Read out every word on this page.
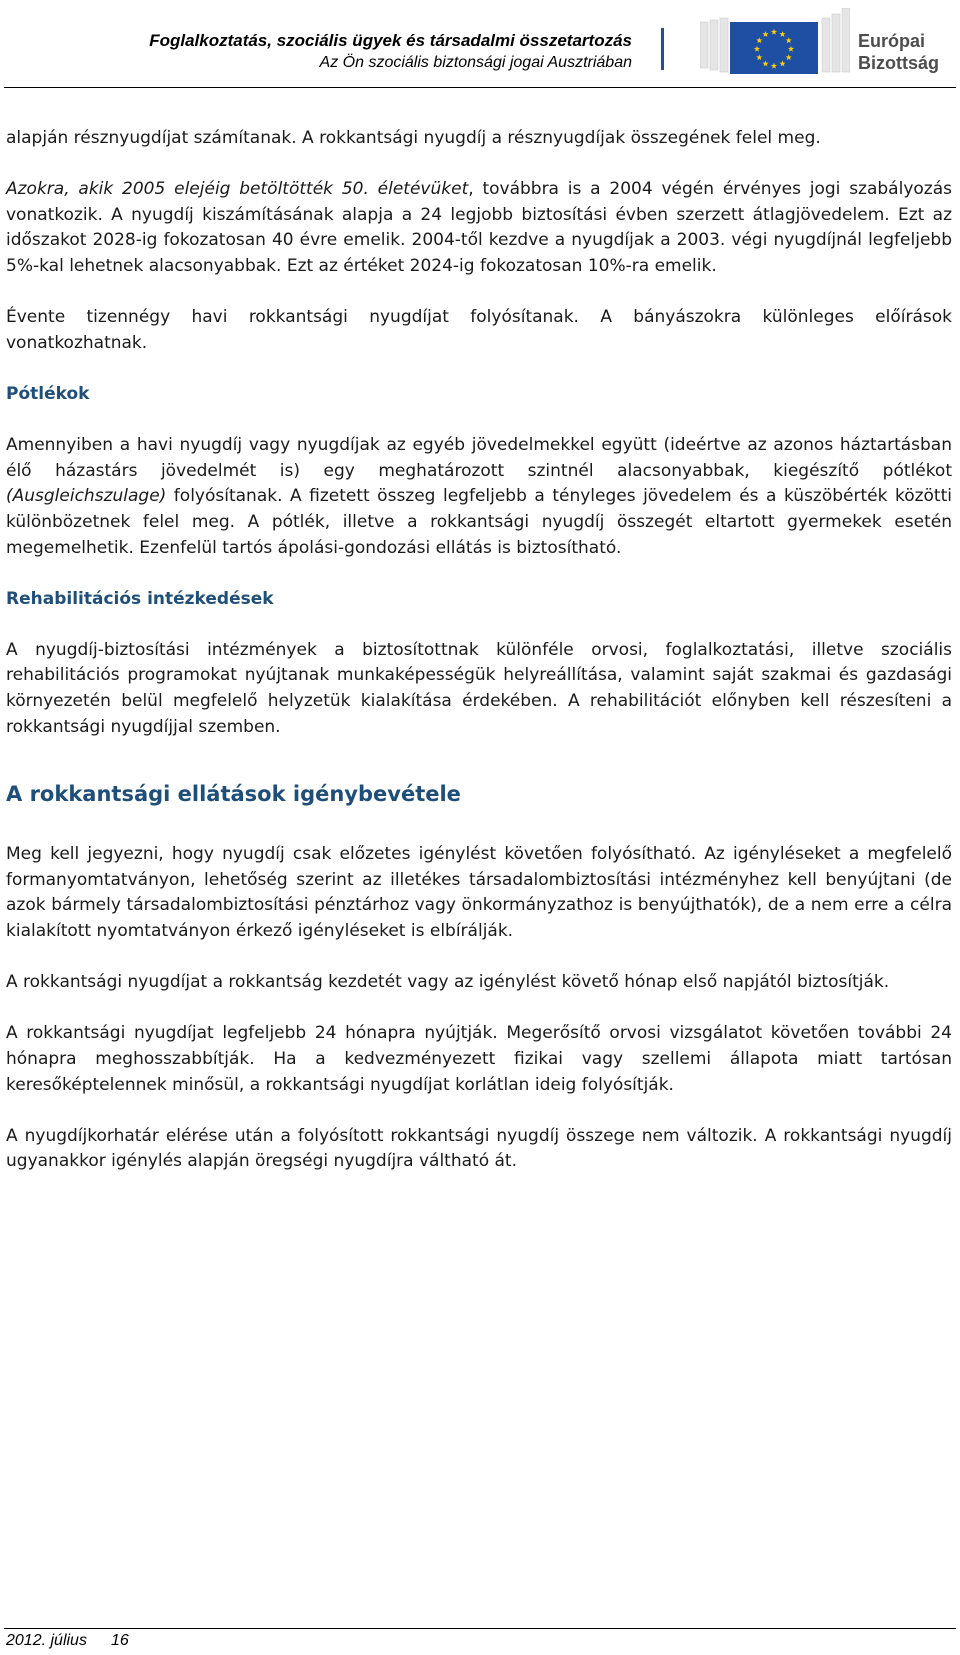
Foglalkoztatás, szociális ügyek és társadalmi összetartozás
Az Ön szociális biztonsági jogai Ausztriában
Európai
Bizottság

alapján résznyugdíjat számítanak. A rokkantsági nyugdíj a résznyugdíjak összegének felel meg.

Azokra, akik 2005 elejéig betöltötték 50. életévüket, továbbra is a 2004 végén érvényes jogi szabályozás vonatkozik. A nyugdíj kiszámításának alapja a 24 legjobb biztosítási évben szerzett átlagjövedelem. Ezt az időszakot 2028-ig fokozatosan 40 évre emelik. 2004-től kezdve a nyugdíjak a 2003. végi nyugdíjnál legfeljebb 5%-kal lehetnek alacsonyabbak. Ezt az értéket 2024-ig fokozatosan 10%-ra emelik.

Évente tizennégy havi rokkantsági nyugdíjat folyósítanak. A bányászokra különleges előírások vonatkozhatnak.

Pótlékok

Amennyiben a havi nyugdíj vagy nyugdíjak az egyéb jövedelmekkel együtt (ideértve az azonos háztartásban élő házastárs jövedelmét is) egy meghatározott szintnél alacsonyabbak, kiegészítő pótlékot (Ausgleichszulage) folyósítanak. A fizetett összeg legfeljebb a tényleges jövedelem és a küszöbérték közötti különbözetnek felel meg. A pótlék, illetve a rokkantsági nyugdíj összegét eltartott gyermekek esetén megemelhetik. Ezenfelül tartós ápolási-gondozási ellátás is biztosítható.

Rehabilitációs intézkedések

A nyugdíj-biztosítási intézmények a biztosítottnak különféle orvosi, foglalkoztatási, illetve szociális rehabilitációs programokat nyújtanak munkaképességük helyreállítása, valamint saját szakmai és gazdasági környezetén belül megfelelő helyzetük kialakítása érdekében. A rehabilitációt előnyben kell részesíteni a rokkantsági nyugdíjjal szemben.

A rokkantsági ellátások igénybevétele

Meg kell jegyezni, hogy nyugdíj csak előzetes igénylést követően folyósítható. Az igényléseket a megfelelő formanyomtatványon, lehetőség szerint az illetékes társadalombiztosítási intézményhez kell benyújtani (de azok bármely társadalombiztosítási pénztárhoz vagy önkormányzathoz is benyújthatók), de a nem erre a célra kialakított nyomtatványon érkező igényléseket is elbírálják.

A rokkantsági nyugdíjat a rokkantság kezdetét vagy az igénylést követő hónap első napjától biztosítják.

A rokkantsági nyugdíjat legfeljebb 24 hónapra nyújtják. Megerősítő orvosi vizsgálatot követően további 24 hónapra meghosszabbítják. Ha a kedvezményezett fizikai vagy szellemi állapota miatt tartósan keresőképtelennek minősül, a rokkantsági nyugdíjat korlátlan ideig folyósítják.

A nyugdíjkorhatár elérése után a folyósított rokkantsági nyugdíj összege nem változik. A rokkantsági nyugdíj ugyanakkor igénylés alapján öregségi nyugdíjra váltható át.

2012. július 16
